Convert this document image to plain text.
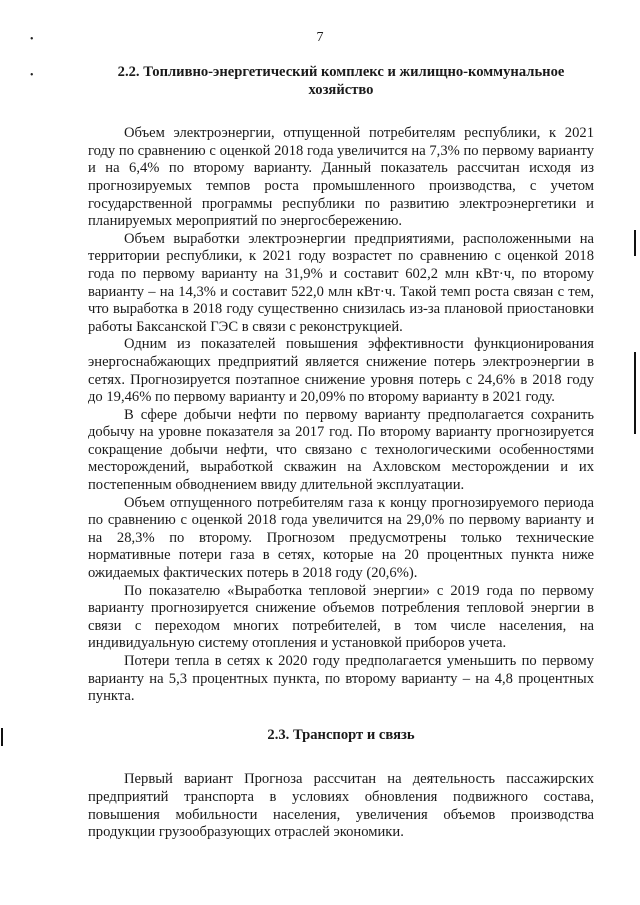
7
•
•	2.2. Топливно-энергетический комплекс и жилищно-коммунальное хозяйство

Объем электроэнергии, отпущенной потребителям республики, к 2021 году по сравнению с оценкой 2018 года увеличится на 7,3% по первому варианту и на 6,4% по второму варианту. Данный показатель рассчитан исходя из прогнозируемых темпов роста промышленного производства, с учетом государственной программы республики по развитию электроэнергетики и планируемых мероприятий по энергосбережению.

Объем выработки электроэнергии предприятиями, расположенными на территории республики, к 2021 году возрастет по сравнению с оценкой 2018 года по первому варианту на 31,9% и составит 602,2 млн кВт·ч, по второму варианту – на 14,3% и составит 522,0 млн кВт·ч. Такой темп роста связан с тем, что выработка в 2018 году существенно снизилась из-за плановой приостановки работы Баксанской ГЭС в связи с реконструкцией.

Одним из показателей повышения эффективности функционирования энергоснабжающих предприятий является снижение потерь электроэнергии в сетях. Прогнозируется поэтапное снижение уровня потерь с 24,6% в 2018 году до 19,46% по первому варианту и 20,09% по второму варианту в 2021 году.

В сфере добычи нефти по первому варианту предполагается сохранить добычу на уровне показателя за 2017 год. По второму варианту прогнозируется сокращение добычи нефти, что связано с технологическими особенностями месторождений, выработкой скважин на Ахловском месторождении и их постепенным обводнением ввиду длительной эксплуатации.

Объем отпущенного потребителям газа к концу прогнозируемого периода по сравнению с оценкой 2018 года увеличится на 29,0% по первому варианту и на 28,3% по второму. Прогнозом предусмотрены только технические нормативные потери газа в сетях, которые на 20 процентных пункта ниже ожидаемых фактических потерь в 2018 году (20,6%).

По показателю «Выработка тепловой энергии» с 2019 года по первому варианту прогнозируется снижение объемов потребления тепловой энергии в связи с переходом многих потребителей, в том числе населения, на индивидуальную систему отопления и установкой приборов учета.

Потери тепла в сетях к 2020 году предполагается уменьшить по первому варианту на 5,3 процентных пункта, по второму варианту – на 4,8 процентных пункта.

2.3. Транспорт и связь

Первый вариант Прогноза рассчитан на деятельность пассажирских предприятий транспорта в условиях обновления подвижного состава, повышения мобильности населения, увеличения объемов производства продукции грузообразующих отраслей экономики.
